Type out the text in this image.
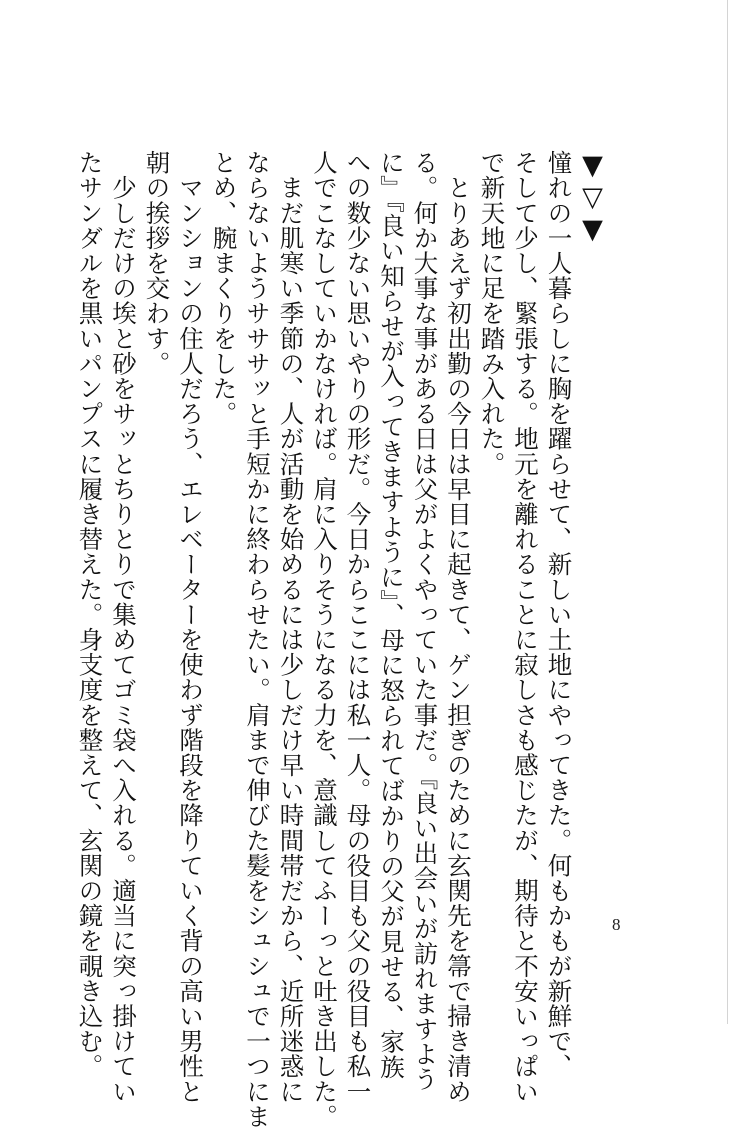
▼▽▼
憧れの一人暮らしに胸を躍らせて、新しい土地にやってきた。何もかもが新鮮で、
そして少し、緊張する。地元を離れることに寂しさも感じたが、期待と不安いっぱい
で新天地に足を踏み入れた。
　とりあえず初出勤の今日は早目に起きて、ゲン担ぎのために玄関先を箒で掃き清め
る。何か大事な事がある日は父がよくやっていた事だ。『良い出会いが訪れますよう
に』『良い知らせが入ってきますように』、母に怒られてばかりの父が見せる、家族
への数少ない思いやりの形だ。今日からここには私一人。母の役目も父の役目も私一
人でこなしていかなければ。肩に入りそうになる力を、意識してふーっと吐き出した。
　まだ肌寒い季節の、人が活動を始めるには少しだけ早い時間帯だから、近所迷惑に
ならないようサササッと手短かに終わらせたい。肩まで伸びた髪をシュシュで一つにま
とめ、腕まくりをした。
　マンションの住人だろう、エレベーターを使わず階段を降りていく背の高い男性と
朝の挨拶を交わす。
　少しだけの埃と砂をサッとちりとりで集めてゴミ袋へ入れる。適当に突っ掛けてい
たサンダルを黒いパンプスに履き替えた。身支度を整えて、玄関の鏡を覗き込む。	8
